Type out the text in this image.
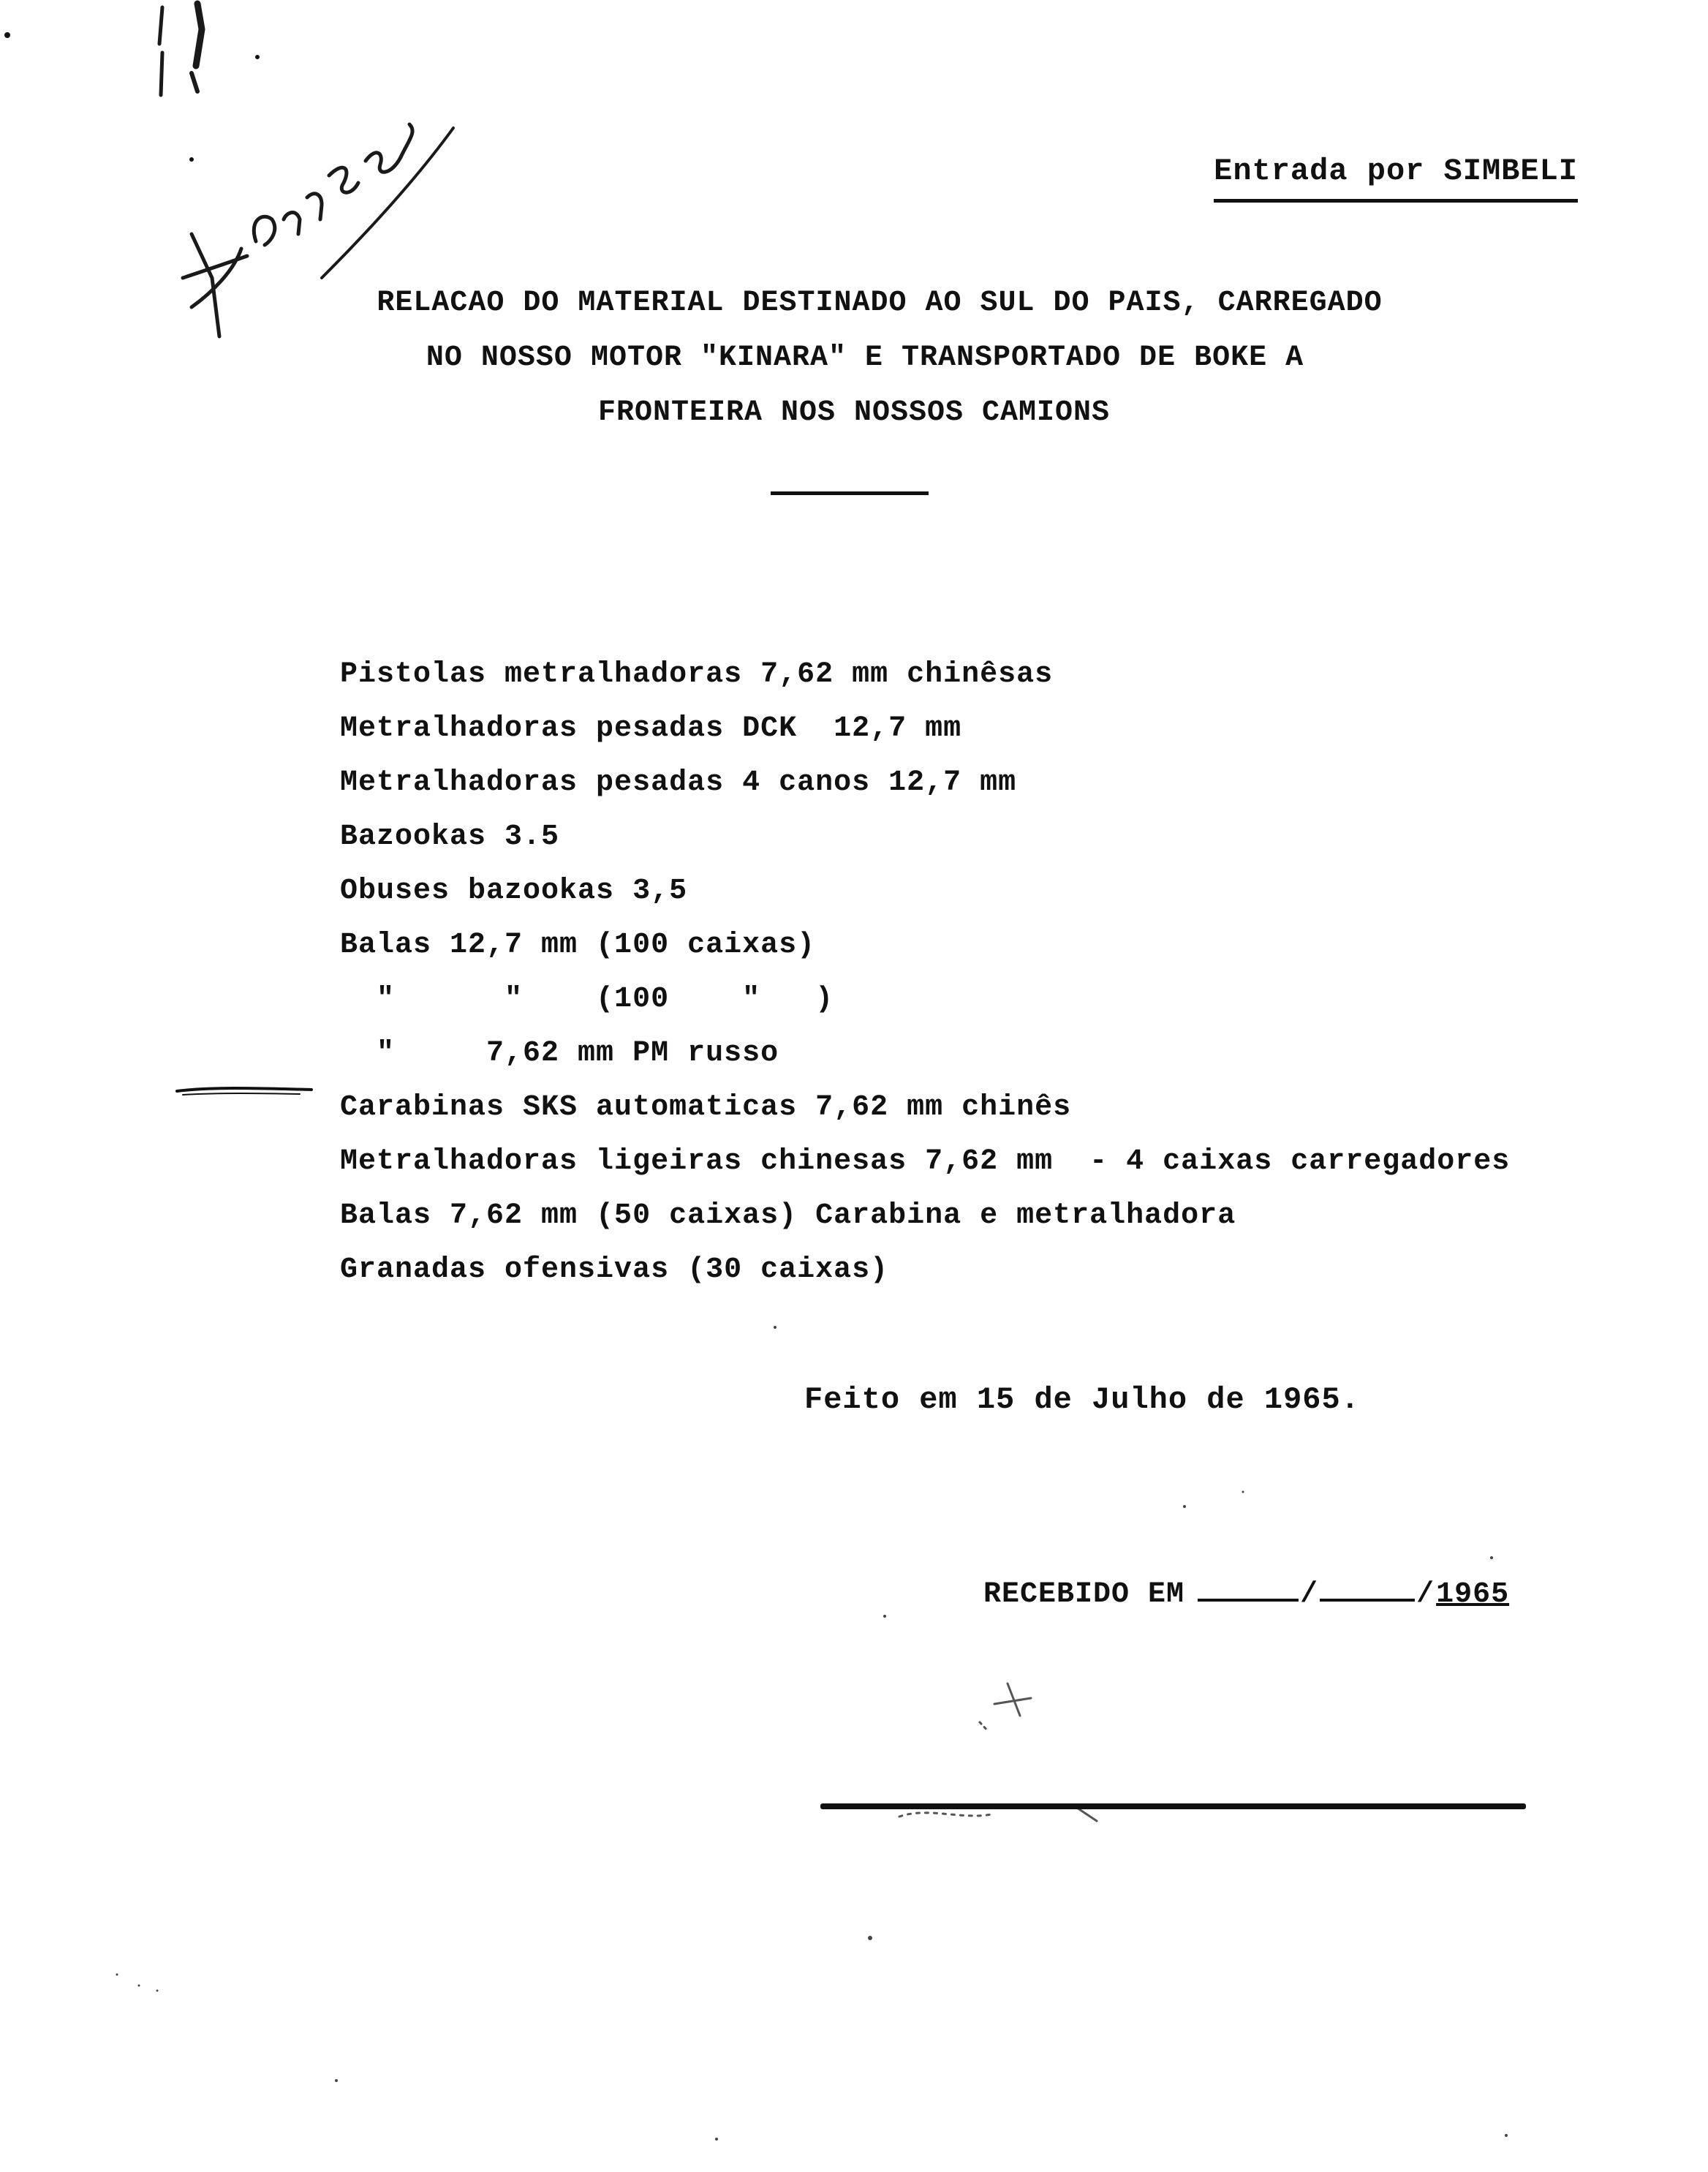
Entrada por SIMBELI
RELACAO DO MATERIAL DESTINADO AO SUL DO PAIS, CARREGADO
NO NOSSO MOTOR "KINARA" E TRANSPORTADO DE BOKE A
FRONTEIRA NOS NOSSOS CAMIONS
Pistolas metralhadoras 7,62 mm chinêsas
Metralhadoras pesadas DCK  12,7 mm
Metralhadoras pesadas 4 canos 12,7 mm
Bazookas 3.5
Obuses bazookas 3,5
Balas 12,7 mm (100 caixas)
"      "    (100    "   )
"     7,62 mm PM russo
Carabinas SKS automaticas 7,62 mm chinês
Metralhadoras ligeiras chinesas 7,62 mm  - 4 caixas carregadores
Balas 7,62 mm (50 caixas) Carabina e metralhadora
Granadas ofensivas (30 caixas)
Feito em 15 de Julho de 1965.

RECEBIDO EM	/	/1965
